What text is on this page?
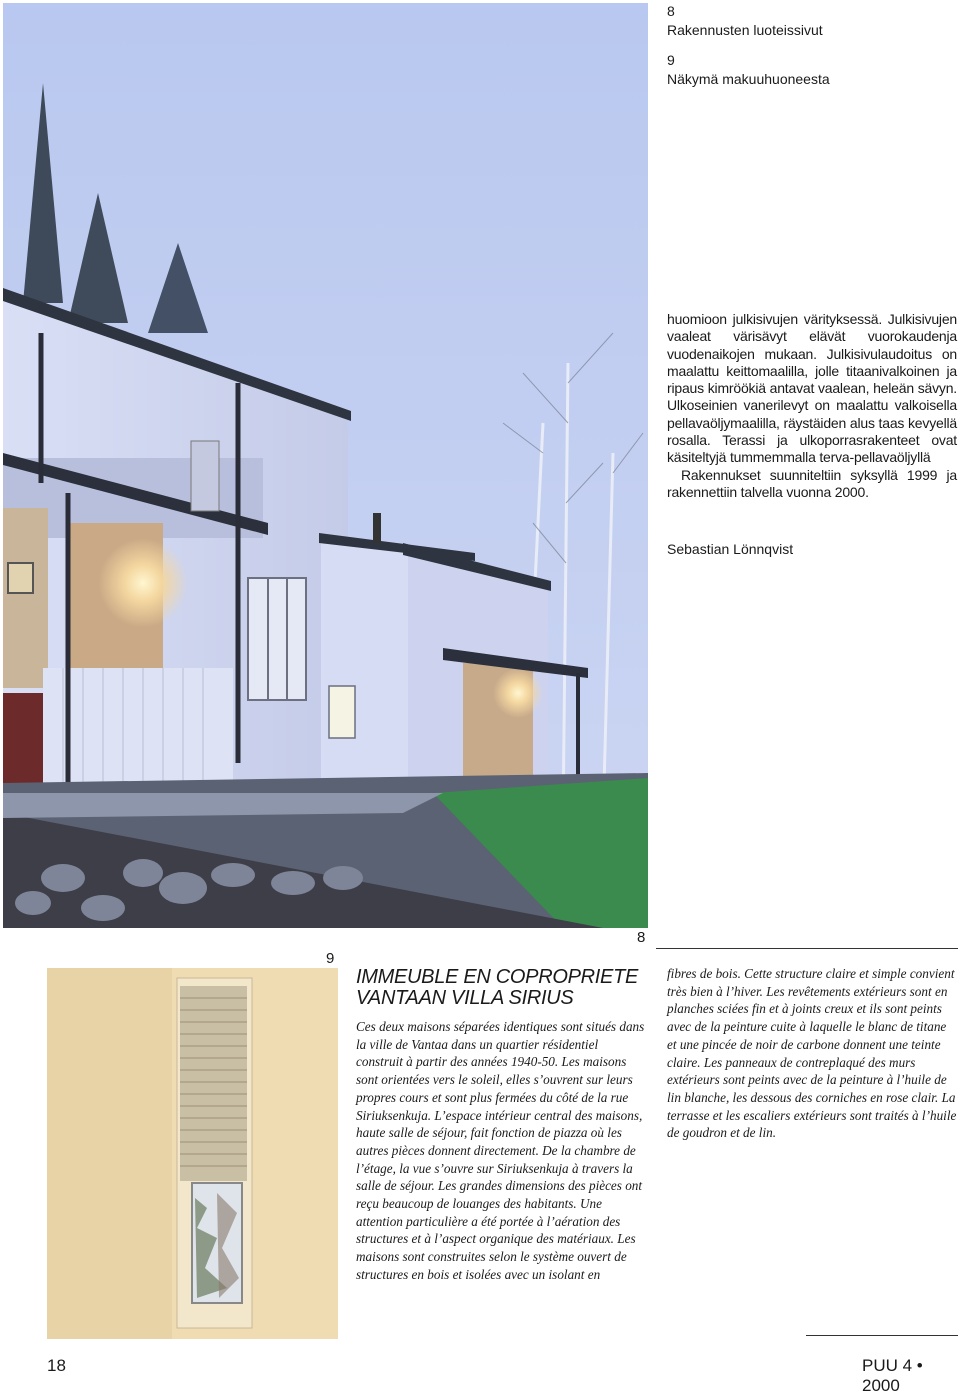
8
Rakennusten luoteissivut
9
Näkymä makuuhuoneesta

huomioon julkisivujen värityksessä. Julkisivujen vaaleat värisävyt elävät vuorokaudenja vuodenaikojen mukaan. Julkisivulaudoitus on maalattu keittomaalilla, jolle titaanivalkoinen ja ripaus kimröökiä antavat vaalean, heleän sävyn. Ulkoseinien vanerilevyt on maalattu valkoisella pellavaöljymaalilla, räystäiden alus taas kevyellä rosalla. Terassi ja ulkoporrasrakenteet ovat käsiteltyjä tummemmalla terva-pellavaöljyllä

Rakennukset suunniteltiin syksyllä 1999 ja rakennettiin talvella vuonna 2000.

Sebastian Lönnqvist
8
9
IMMEUBLE EN COPROPRIETE VANTAAN VILLA SIRIUS
Ces deux maisons séparées identiques sont situés dans la ville de Vantaa dans un quartier résidentiel construit à partir des années 1940-50. Les maisons sont orientées vers le soleil, elles s’ouvrent sur leurs propres cours et sont plus fermées du côté de la rue Siriuksenkuja. L’espace intérieur central des maisons, haute salle de séjour, fait fonction de piazza où les autres pièces donnent directement. De la chambre de l’étage, la vue s’ouvre sur Siriuksenkuja à travers la salle de séjour. Les grandes dimensions des pièces ont reçu beaucoup de louanges des habitants. Une attention particulière a été portée à l’aération des structures et à l’aspect organique des matériaux. Les maisons sont construites selon le système ouvert de structures en bois et isolées avec un isolant en
fibres de bois. Cette structure claire et simple convient très bien à l’hiver. Les revêtements extérieurs sont en planches sciées fin et à joints creux et ils sont peints avec de la peinture cuite à laquelle le blanc de titane et une pincée de noir de carbone donnent une teinte claire. Les panneaux de contreplaqué des murs extérieurs sont peints avec de la peinture à l’huile de lin blanche, les dessous des corniches en rose clair. La terrasse et les escaliers extérieurs sont traités à l’huile de goudron et de lin.
18	PUU 4 • 2000
